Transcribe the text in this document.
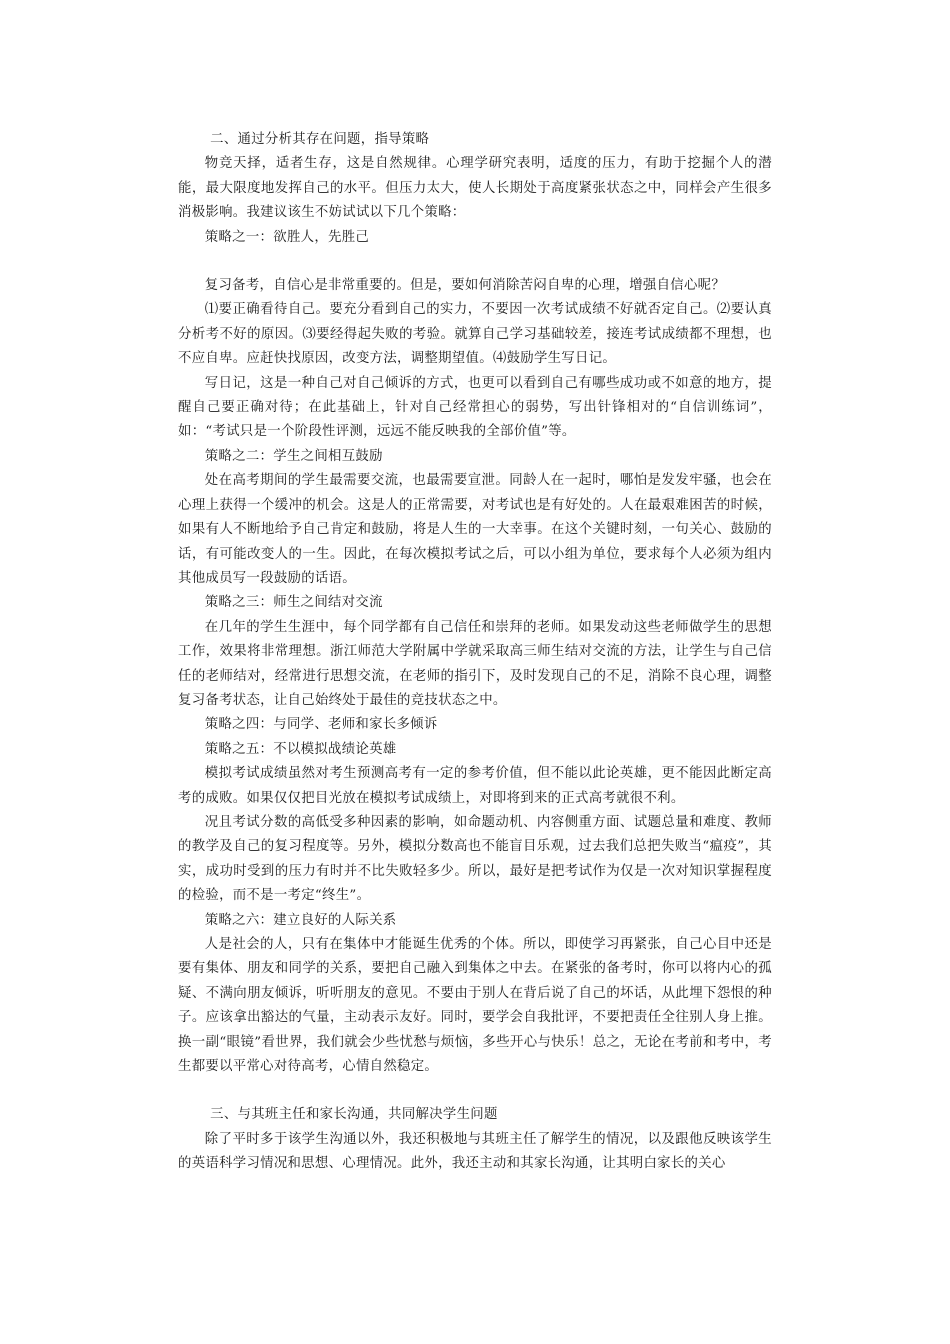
二、通过分析其存在问题，指导策略

物竞天择，适者生存，这是自然规律。心理学研究表明，适度的压力，有助于挖掘个人的潜能，最大限度地发挥自己的水平。但压力太大，使人长期处于高度紧张状态之中，同样会产生很多消极影响。我建议该生不妨试试以下几个策略：

策略之一：欲胜人，先胜己

复习备考，自信心是非常重要的。但是，要如何消除苦闷自卑的心理，增强自信心呢？

⑴要正确看待自己。要充分看到自己的实力，不要因一次考试成绩不好就否定自己。⑵要认真分析考不好的原因。⑶要经得起失败的考验。就算自己学习基础较差，接连考试成绩都不理想，也不应自卑。应赶快找原因，改变方法，调整期望值。⑷鼓励学生写日记。

写日记，这是一种自己对自己倾诉的方式，也更可以看到自己有哪些成功或不如意的地方，提醒自己要正确对待；在此基础上，针对自己经常担心的弱势，写出针锋相对的“自信训练词”，如：“考试只是一个阶段性评测，远远不能反映我的全部价值”等。

策略之二：学生之间相互鼓励

处在高考期间的学生最需要交流，也最需要宣泄。同龄人在一起时，哪怕是发发牢骚，也会在心理上获得一个缓冲的机会。这是人的正常需要，对考试也是有好处的。人在最艰难困苦的时候，如果有人不断地给予自己肯定和鼓励，将是人生的一大幸事。在这个关键时刻，一句关心、鼓励的话，有可能改变人的一生。因此，在每次模拟考试之后，可以小组为单位，要求每个人必须为组内其他成员写一段鼓励的话语。

策略之三：师生之间结对交流

在几年的学生生涯中，每个同学都有自己信任和崇拜的老师。如果发动这些老师做学生的思想工作，效果将非常理想。浙江师范大学附属中学就采取高三师生结对交流的方法，让学生与自己信任的老师结对，经常进行思想交流，在老师的指引下，及时发现自己的不足，消除不良心理，调整复习备考状态，让自己始终处于最佳的竞技状态之中。

策略之四：与同学、老师和家长多倾诉

策略之五：不以模拟战绩论英雄

模拟考试成绩虽然对考生预测高考有一定的参考价值，但不能以此论英雄，更不能因此断定高考的成败。如果仅仅把目光放在模拟考试成绩上，对即将到来的正式高考就很不利。

况且考试分数的高低受多种因素的影响，如命题动机、内容侧重方面、试题总量和难度、教师的教学及自己的复习程度等。另外，模拟分数高也不能盲目乐观，过去我们总把失败当“瘟疫”，其实，成功时受到的压力有时并不比失败轻多少。所以，最好是把考试作为仅是一次对知识掌握程度的检验，而不是一考定“终生”。

策略之六：建立良好的人际关系

人是社会的人，只有在集体中才能诞生优秀的个体。所以，即使学习再紧张，自己心目中还是要有集体、朋友和同学的关系，要把自己融入到集体之中去。在紧张的备考时，你可以将内心的孤疑、不满向朋友倾诉，听听朋友的意见。不要由于别人在背后说了自己的坏话，从此埋下怨恨的种子。应该拿出豁达的气量，主动表示友好。同时，要学会自我批评，不要把责任全往别人身上推。换一副“眼镜”看世界，我们就会少些忧愁与烦恼，多些开心与快乐！总之，无论在考前和考中，考生都要以平常心对待高考，心情自然稳定。

三、与其班主任和家长沟通，共同解决学生问题

除了平时多于该学生沟通以外，我还积极地与其班主任了解学生的情况，以及跟他反映该学生的英语科学习情况和思想、心理情况。此外，我还主动和其家长沟通，让其明白家长的关心
